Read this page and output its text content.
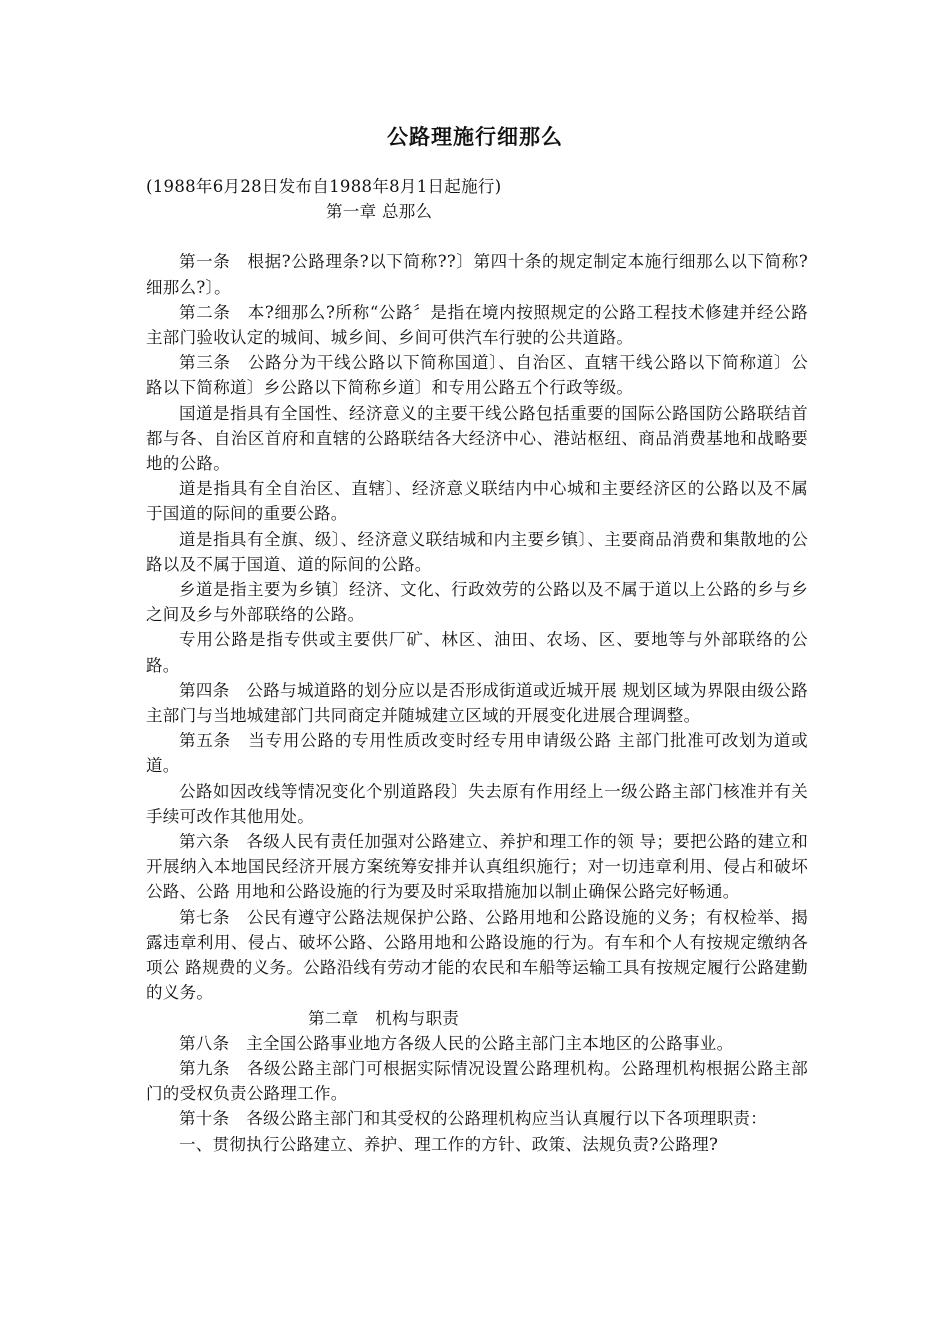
公路理施行细那么

(1988年6月28日发布自1988年8月1日起施行)

第一章 总那么

第一条　根据?公路理条?以下简称??〕第四十条的规定制定本施行细那么以下简称?细那么?〕。

第二条　本?细那么?所称“公路〞是指在境内按照规定的公路工程技术修建并经公路主部门验收认定的城间、城乡间、乡间可供汽车行驶的公共道路。

第三条　公路分为干线公路以下简称国道〕、自治区、直辖干线公路以下简称道〕公路以下简称道〕乡公路以下简称乡道〕和专用公路五个行政等级。

国道是指具有全国性、经济意义的主要干线公路包括重要的国际公路国防公路联结首都与各、自治区首府和直辖的公路联结各大经济中心、港站枢纽、商品消费基地和战略要 地的公路。

道是指具有全自治区、直辖〕、经济意义联结内中心城和主要经济区的公路以及不属于国道的际间的重要公路。

道是指具有全旗、级〕、经济意义联结城和内主要乡镇〕、主要商品消费和集散地的公路以及不属于国道、道的际间的公路。

乡道是指主要为乡镇〕经济、文化、行政效劳的公路以及不属于道以上公路的乡与乡之间及乡与外部联络的公路。

专用公路是指专供或主要供厂矿、林区、油田、农场、区、要地等与外部联络的公路。

第四条　公路与城道路的划分应以是否形成街道或近城开展 规划区域为界限由级公路主部门与当地城建部门共同商定并随城建立区域的开展变化进展合理调整。

第五条　当专用公路的专用性质改变时经专用申请级公路 主部门批准可改划为道或道。

公路如因改线等情况变化个别道路段〕失去原有作用经上一级公路主部门核准并有关手续可改作其他用处。

第六条　各级人民有责任加强对公路建立、养护和理工作的领 导；要把公路的建立和开展纳入本地国民经济开展方案统筹安排并认真组织施行；对一切违章利用、侵占和破坏公路、公路 用地和公路设施的行为要及时采取措施加以制止确保公路完好畅通。

第七条　公民有遵守公路法规保护公路、公路用地和公路设施的义务；有权检举、揭露违章利用、侵占、破坏公路、公路用地和公路设施的行为。有车和个人有按规定缴纳各项公 路规费的义务。公路沿线有劳动才能的农民和车船等运输工具有按规定履行公路建勤的义务。

第二章　机构与职责

第八条　主全国公路事业地方各级人民的公路主部门主本地区的公路事业。

第九条　各级公路主部门可根据实际情况设置公路理机构。公路理机构根据公路主部门的受权负责公路理工作。

第十条　各级公路主部门和其受权的公路理机构应当认真履行以下各项理职责：

一、贯彻执行公路建立、养护、理工作的方针、政策、法规负责?公路理?
